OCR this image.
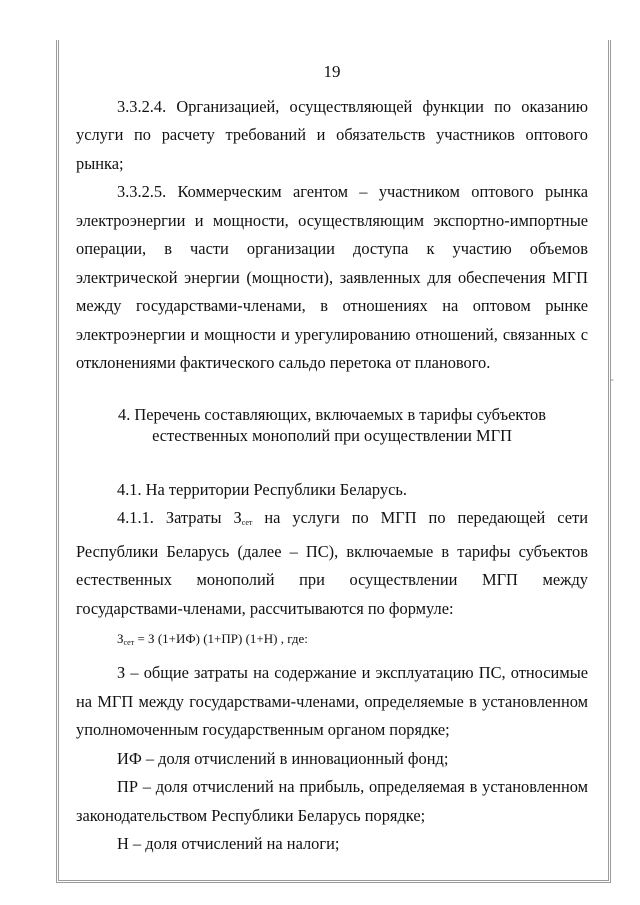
-
19

3.3.2.4. Организацией, осуществляющей функции по оказанию услуги по расчету требований и обязательств участников оптового рынка;

3.3.2.5. Коммерческим агентом – участником оптового рынка электроэнергии и мощности, осуществляющим экспортно-импортные операции, в части организации доступа к участию объемов электрической энергии (мощности), заявленных для обеспечения МГП между государствами-членами, в отношениях на оптовом рынке электроэнергии и мощности и урегулированию отношений, связанных с отклонениями фактического сальдо перетока от планового.

4. Перечень составляющих, включаемых в тарифы субъектов
естественных монополий при осуществлении МГП

4.1. На территории Республики Беларусь.

4.1.1. Затраты $З_{сет}$ на услуги по МГП по передающей сети Республики Беларусь (далее – ПС), включаемые в тарифы субъектов естественных монополий при осуществлении МГП между государствами-членами, рассчитываются по формуле:

$З_{сет} = З$ (1+ИФ) (1+ПР) (1+Н) , где:

З – общие затраты на содержание и эксплуатацию ПС, относимые на МГП между государствами-членами, определяемые в установленном уполномоченным государственным органом порядке;

ИФ – доля отчислений в инновационный фонд;

ПР – доля отчислений на прибыль, определяемая в установленном законодательством Республики Беларусь порядке;

Н – доля отчислений на налоги;
